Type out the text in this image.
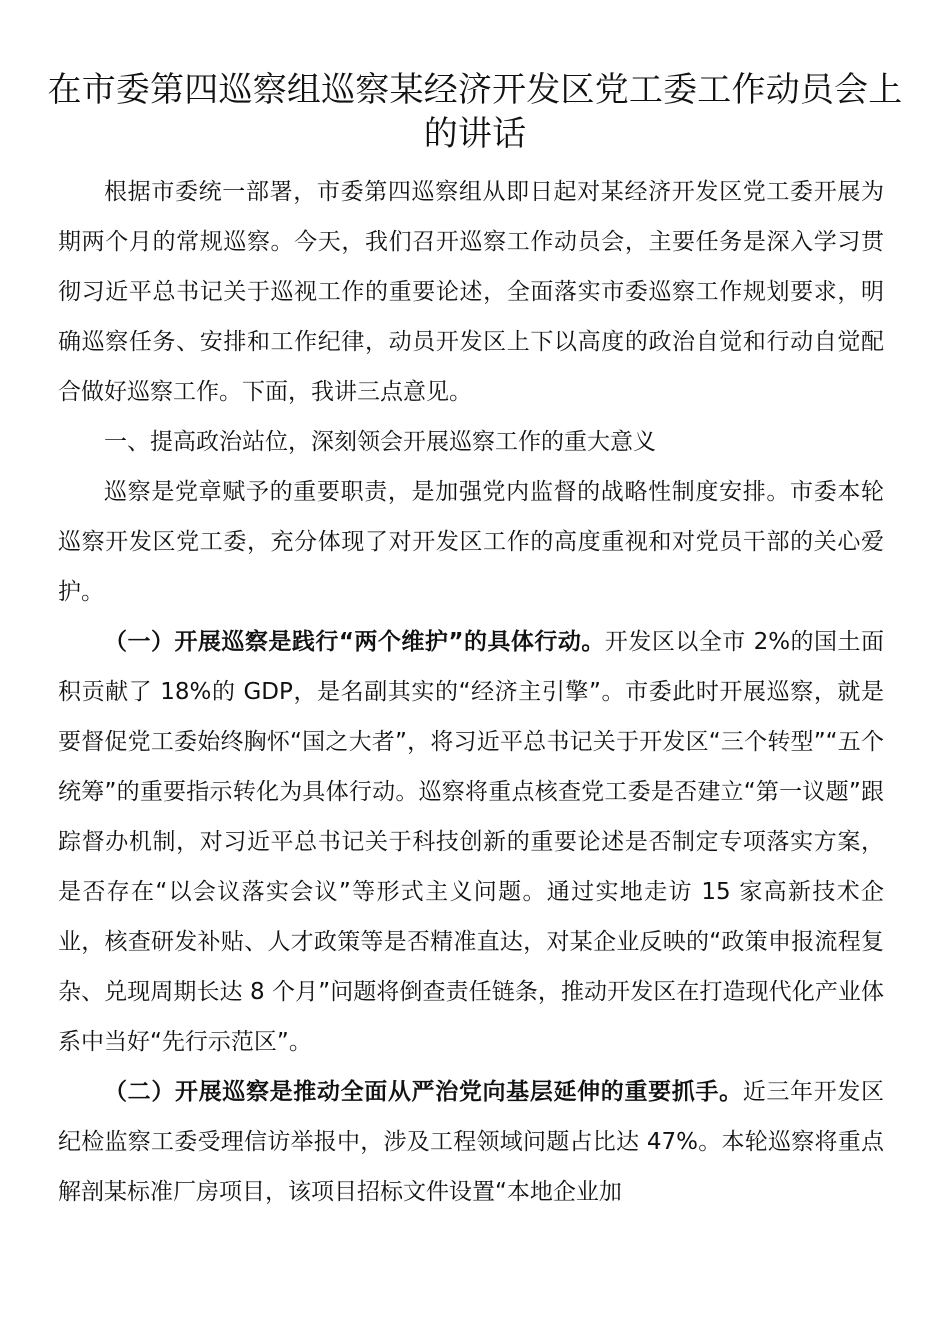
在市委第四巡察组巡察某经济开发区党工委工作动员会上的讲话

根据市委统一部署，市委第四巡察组从即日起对某经济开发区党工委开展为期两个月的常规巡察。今天，我们召开巡察工作动员会，主要任务是深入学习贯彻习近平总书记关于巡视工作的重要论述，全面落实市委巡察工作规划要求，明确巡察任务、安排和工作纪律，动员开发区上下以高度的政治自觉和行动自觉配合做好巡察工作。下面，我讲三点意见。

一、提高政治站位，深刻领会开展巡察工作的重大意义

巡察是党章赋予的重要职责，是加强党内监督的战略性制度安排。市委本轮巡察开发区党工委，充分体现了对开发区工作的高度重视和对党员干部的关心爱护。

（一）开展巡察是践行“两个维护”的具体行动。开发区以全市 2%的国土面积贡献了 18%的 GDP，是名副其实的“经济主引擎”。市委此时开展巡察，就是要督促党工委始终胸怀“国之大者”，将习近平总书记关于开发区“三个转型”“五个统筹”的重要指示转化为具体行动。巡察将重点核查党工委是否建立“第一议题”跟踪督办机制，对习近平总书记关于科技创新的重要论述是否制定专项落实方案，是否存在“以会议落实会议”等形式主义问题。通过实地走访 15 家高新技术企业，核查研发补贴、人才政策等是否精准直达，对某企业反映的“政策申报流程复杂、兑现周期长达 8 个月”问题将倒查责任链条，推动开发区在打造现代化产业体系中当好“先行示范区”。

（二）开展巡察是推动全面从严治党向基层延伸的重要抓手。近三年开发区纪检监察工委受理信访举报中，涉及工程领域问题占比达 47%。本轮巡察将重点解剖某标准厂房项目，该项目招标文件设置“本地企业加
